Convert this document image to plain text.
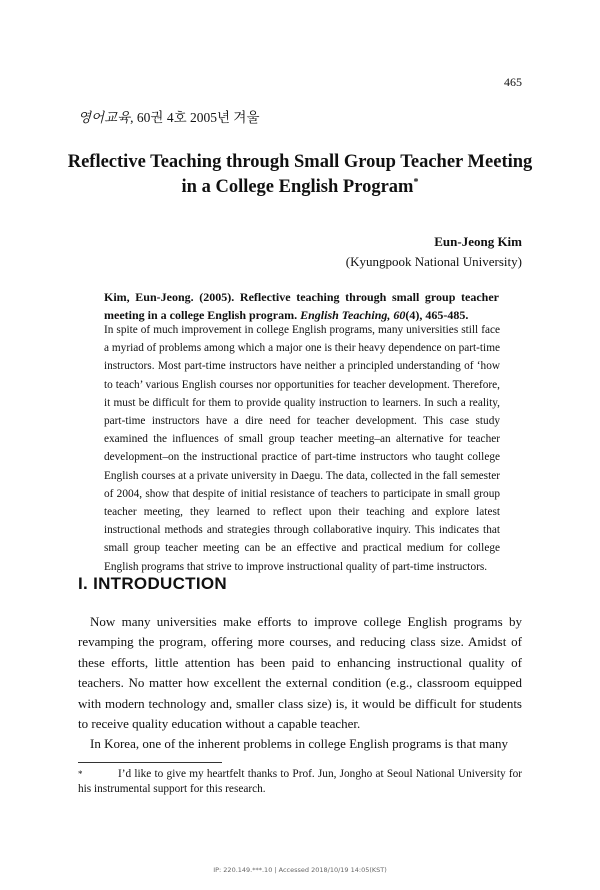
465
영어교육, 60권 4호 2005년 겨울
Reflective Teaching through Small Group Teacher Meeting
in a College English Program*
Eun-Jeong Kim
(Kyungpook National University)
Kim, Eun-Jeong. (2005). Reflective teaching through small group teacher meeting in a college English program. English Teaching, 60(4), 465-485.

In spite of much improvement in college English programs, many universities still face a myriad of problems among which a major one is their heavy dependence on part-time instructors. Most part-time instructors have neither a principled understanding of ‘how to teach’ various English courses nor opportunities for teacher development. Therefore, it must be difficult for them to provide quality instruction to learners. In such a reality, part-time instructors have a dire need for teacher development. This case study examined the influences of small group teacher meeting–an alternative for teacher development–on the instructional practice of part-time instructors who taught college English courses at a private university in Daegu. The data, collected in the fall semester of 2004, show that despite of initial resistance of teachers to participate in small group teacher meeting, they learned to reflect upon their teaching and explore latest instructional methods and strategies through collaborative inquiry. This indicates that small group teacher meeting can be an effective and practical medium for college English programs that strive to improve instructional quality of part-time instructors.

I. INTRODUCTION

Now many universities make efforts to improve college English programs by revamping the program, offering more courses, and reducing class size. Amidst of these efforts, little attention has been paid to enhancing instructional quality of teachers. No matter how excellent the external condition (e.g., classroom equipped with modern technology and, smaller class size) is, it would be difficult for students to receive quality education without a capable teacher.

In Korea, one of the inherent problems in college English programs is that many

*	I’d like to give my heartfelt thanks to Prof. Jun, Jongho at Seoul National University for his instrumental support for this research.
IP: 220.149.***.10 | Accessed 2018/10/19 14:05(KST)
